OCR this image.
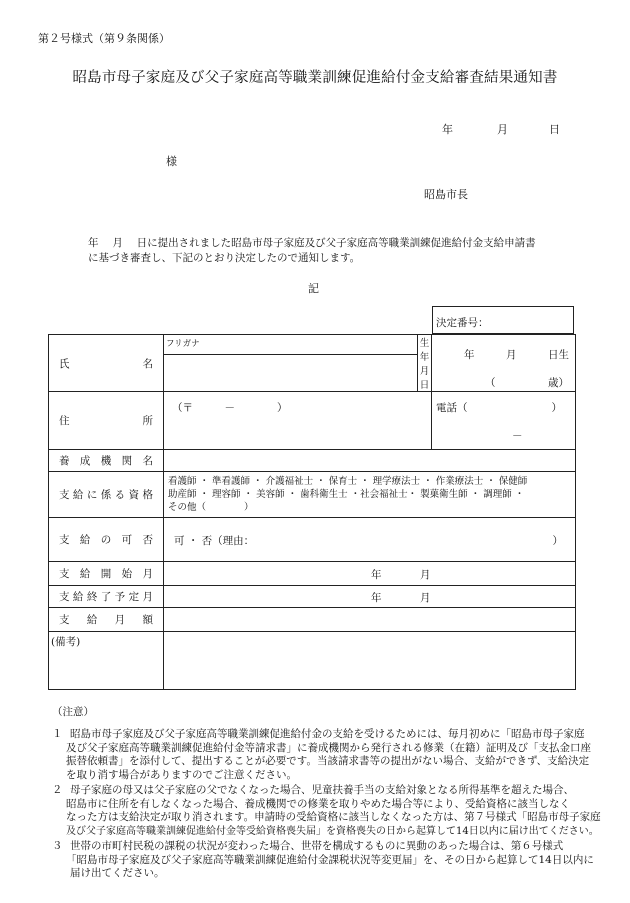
第２号様式（第９条関係）
昭島市母子家庭及び父子家庭高等職業訓練促進給付金支給審査結果通知書
年	月	日
様
昭島市長
年　 月　 日に提出されました昭島市母子家庭及び父子家庭高等職業訓練促進給付金支給申請書
に基づき審査し、下記のとおり決定したので通知します。
記
決定番号：
氏　　　　名	フリガナ	生年月日	年　　　月　　　日生
（　　　　　歳）

住　　　　所	（〒　　　－　　　　）		電話（　　　　　　　　）
－

養成機関名			
支給に係る資格	看護師 ・ 準看護師 ・ 介護福祉士 ・ 保育士 ・ 理学療法士 ・ 作業療法士 ・ 保健師
助産師 ・ 理容師 ・ 美容師 ・ 歯科衛生士 ・社会福祉士・ 製菓衛生師 ・ 調理師 ・
その他（　　　　）		

支給の可否	可 ・ 否（理由： ）		

支給開始月	年 月		

支給終了予定月	年 月		

支給月額			
(備考)			
（注意）
１ 昭島市母子家庭及び父子家庭高等職業訓練促進給付金の支給を受けるためには、毎月初めに「昭島市母子家庭
及び父子家庭高等職業訓練促進給付金等請求書」に養成機関から発行される修業（在籍）証明及び「支払金口座
振替依頼書」を添付して、提出することが必要です。当該請求書等の提出がない場合、支給ができず、支給決定
を取り消す場合がありますのでご注意ください。
２ 母子家庭の母又は父子家庭の父でなくなった場合、児童扶養手当の支給対象となる所得基準を超えた場合、
昭島市に住所を有しなくなった場合、養成機関での修業を取りやめた場合等により、受給資格に該当しなく
なった方は支給決定が取り消されます。申請時の受給資格に該当しなくなった方は、第７号様式「昭島市母子家庭
及び父子家庭高等職業訓練促進給付金等受給資格喪失届」を資格喪失の日から起算して14日以内に届け出てください。
３ 世帯の市町村民税の課税の状況が変わった場合、世帯を構成するものに異動のあった場合は、第６号様式
「昭島市母子家庭及び父子家庭高等職業訓練促進給付金課税状況等変更届」を、その日から起算して14日以内に
届け出てください。
